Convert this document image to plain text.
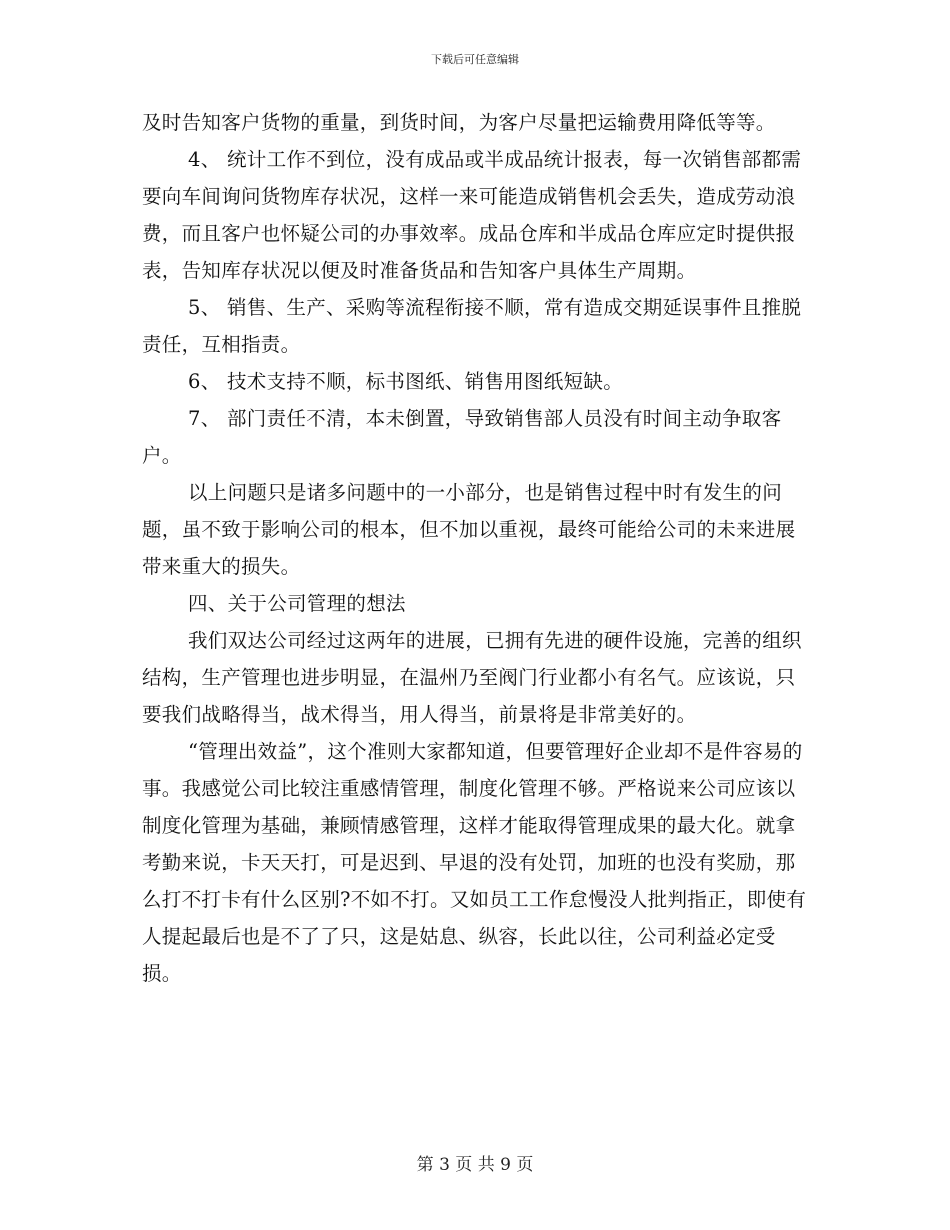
下载后可任意编辑

及时告知客户货物的重量，到货时间，为客户尽量把运输费用降低等等。

4、 统计工作不到位，没有成品或半成品统计报表，每一次销售部都需要向车间询问货物库存状况，这样一来可能造成销售机会丢失，造成劳动浪费，而且客户也怀疑公司的办事效率。成品仓库和半成品仓库应定时提供报表，告知库存状况以便及时准备货品和告知客户具体生产周期。

5、 销售、生产、采购等流程衔接不顺，常有造成交期延误事件且推脱责任，互相指责。

6、 技术支持不顺，标书图纸、销售用图纸短缺。

7、 部门责任不清，本未倒置，导致销售部人员没有时间主动争取客户。

以上问题只是诸多问题中的一小部分，也是销售过程中时有发生的问题，虽不致于影响公司的根本，但不加以重视，最终可能给公司的未来进展带来重大的损失。

四、关于公司管理的想法

我们双达公司经过这两年的进展，已拥有先进的硬件设施，完善的组织结构，生产管理也进步明显，在温州乃至阀门行业都小有名气。应该说，只要我们战略得当，战术得当，用人得当，前景将是非常美好的。

“管理出效益”，这个准则大家都知道，但要管理好企业却不是件容易的事。我感觉公司比较注重感情管理，制度化管理不够。严格说来公司应该以制度化管理为基础，兼顾情感管理，这样才能取得管理成果的最大化。就拿考勤来说，卡天天打，可是迟到、早退的没有处罚，加班的也没有奖励，那么打不打卡有什么区别?不如不打。又如员工工作怠慢没人批判指正，即使有人提起最后也是不了了只，这是姑息、纵容，长此以往，公司利益必定受损。

第 3 页 共 9 页
